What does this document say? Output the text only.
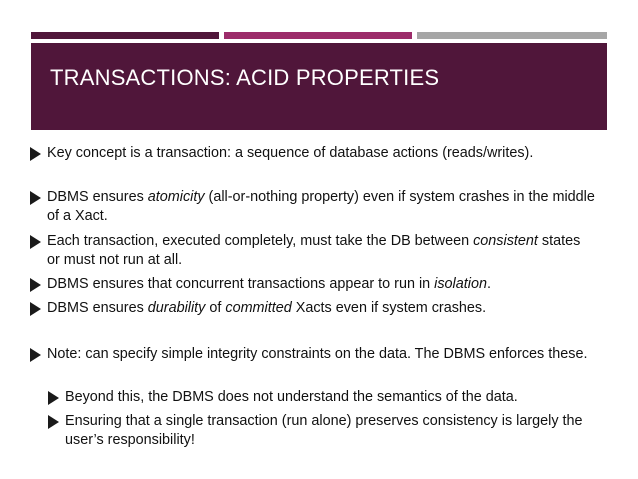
TRANSACTIONS: ACID PROPERTIES
Key concept is a transaction: a sequence of database actions (reads/writes).
DBMS ensures atomicity (all-or-nothing property) even if system crashes in the middle of a Xact.
Each transaction, executed completely, must take the DB between consistent states or must not run at all.
DBMS ensures that concurrent transactions appear to run in isolation.
DBMS ensures durability of committed Xacts even if system crashes.
Note: can specify simple integrity constraints on the data. The DBMS enforces these.
Beyond this, the DBMS does not understand the semantics of the data.
Ensuring that a single transaction (run alone) preserves consistency is largely the user’s responsibility!
